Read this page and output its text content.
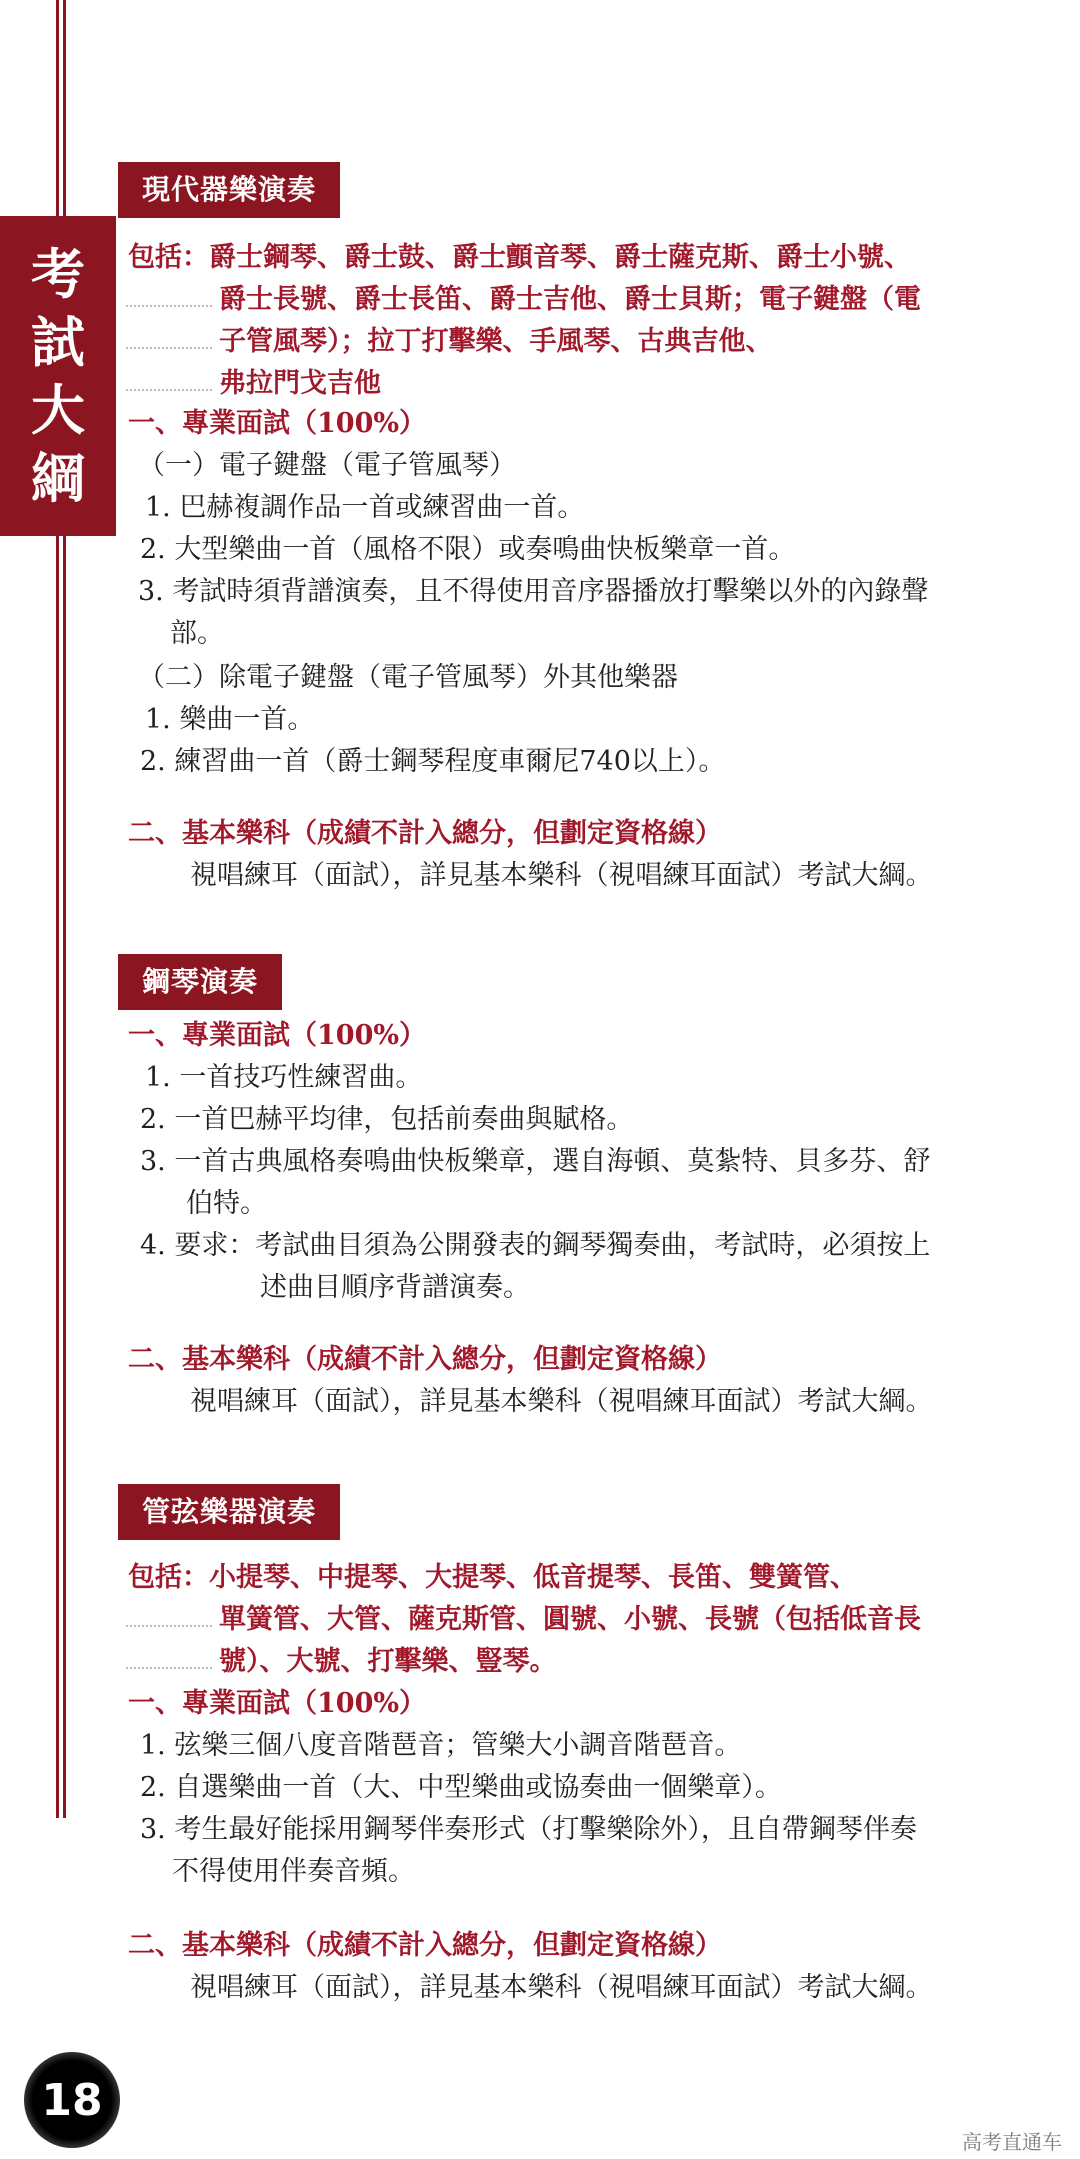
考
試
大
綱
現代器樂演奏
包括：爵士鋼琴、爵士鼓、爵士顫音琴、爵士薩克斯、爵士小號、
爵士長號、爵士長笛、爵士吉他、爵士貝斯；電子鍵盤（電
子管風琴）；拉丁打擊樂、手風琴、古典吉他、
弗拉門戈吉他
一、專業面試（100%）
（一）電子鍵盤（電子管風琴）
1. 巴赫複調作品一首或練習曲一首。
2. 大型樂曲一首（風格不限）或奏鳴曲快板樂章一首。
3. 考試時須背譜演奏，且不得使用音序器播放打擊樂以外的內錄聲
部。
（二）除電子鍵盤（電子管風琴）外其他樂器
1. 樂曲一首。
2. 練習曲一首（爵士鋼琴程度車爾尼740以上）。
二、基本樂科（成績不計入總分，但劃定資格線）
視唱練耳（面試），詳見基本樂科（視唱練耳面試）考試大綱。
鋼琴演奏
一、專業面試（100%）
1. 一首技巧性練習曲。
2. 一首巴赫平均律，包括前奏曲與賦格。
3. 一首古典風格奏鳴曲快板樂章，選自海頓、莫紮特、貝多芬、舒
伯特。
4. 要求：考試曲目須為公開發表的鋼琴獨奏曲，考試時，必須按上
述曲目順序背譜演奏。
二、基本樂科（成績不計入總分，但劃定資格線）
視唱練耳（面試），詳見基本樂科（視唱練耳面試）考試大綱。
管弦樂器演奏
包括：小提琴、中提琴、大提琴、低音提琴、長笛、雙簧管、
單簧管、大管、薩克斯管、圓號、小號、長號（包括低音長
號）、大號、打擊樂、豎琴。
一、專業面試（100%）
1. 弦樂三個八度音階琶音；管樂大小調音階琶音。
2. 自選樂曲一首（大、中型樂曲或協奏曲一個樂章）。
3. 考生最好能採用鋼琴伴奏形式（打擊樂除外），且自帶鋼琴伴奏
不得使用伴奏音頻。
二、基本樂科（成績不計入總分，但劃定資格線）
視唱練耳（面試），詳見基本樂科（視唱練耳面試）考試大綱。
18
高考直通车
